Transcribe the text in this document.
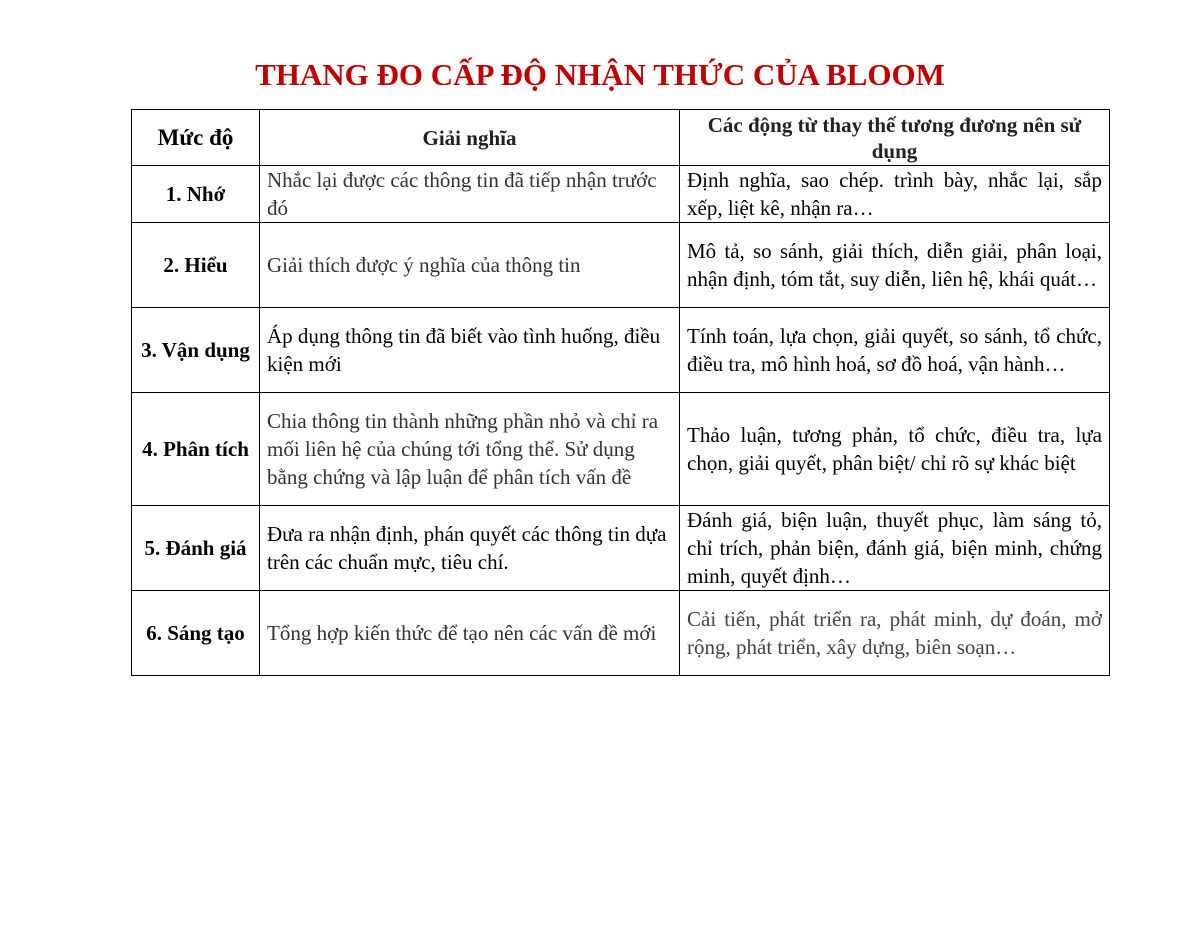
THANG ĐO CẤP ĐỘ NHẬN THỨC CỦA BLOOM
Mức độ	Giải nghĩa	Các động từ thay thế tương đương nên sử dụng
1. Nhớ	Nhắc lại được các thông tin đã tiếp nhận trước đó	Định nghĩa, sao chép. trình bày, nhắc lại, sắp xếp, liệt kê, nhận ra…
2. Hiểu	Giải thích được ý nghĩa của thông tin	Mô tả, so sánh, giải thích, diễn giải, phân loại, nhận định, tóm tắt, suy diễn, liên hệ, khái quát…
3. Vận dụng	Áp dụng thông tin đã biết vào tình huống, điều kiện mới	Tính toán, lựa chọn, giải quyết, so sánh, tổ chức, điều tra, mô hình hoá, sơ đồ hoá, vận hành…
4. Phân tích	Chia thông tin thành những phần nhỏ và chỉ ra mối liên hệ của chúng tới tổng thể. Sử dụng bằng chứng và lập luận để phân tích vấn đề	Thảo luận, tương phản, tổ chức, điều tra, lựa chọn, giải quyết, phân biệt/ chỉ rõ sự khác biệt
5. Đánh giá	Đưa ra nhận định, phán quyết các thông tin dựa trên các chuẩn mực, tiêu chí.	Đánh giá, biện luận, thuyết phục, làm sáng tỏ, chỉ trích, phản biện, đánh giá, biện minh, chứng minh, quyết định…
6. Sáng tạo	Tổng hợp kiến thức để tạo nên các vấn đề mới	Cải tiến, phát triển ra, phát minh, dự đoán, mở rộng, phát triển, xây dựng, biên soạn…
